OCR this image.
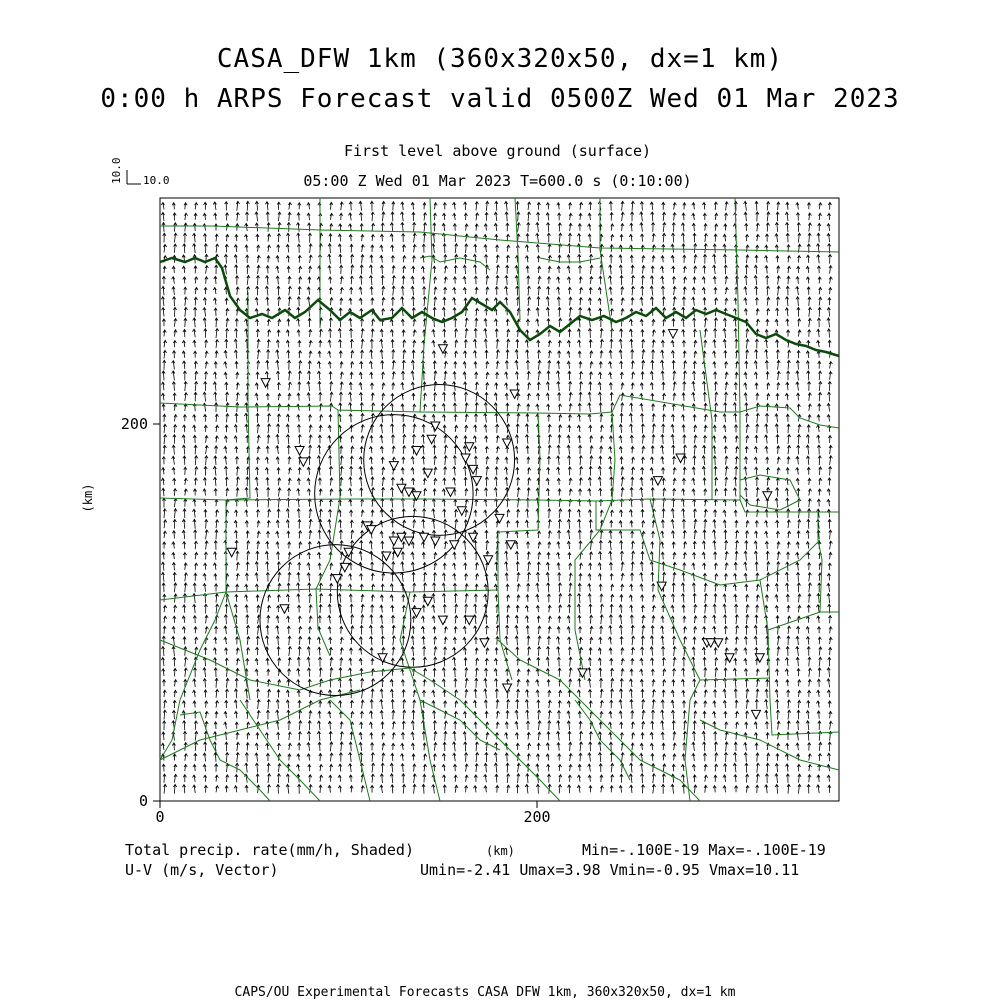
CASA_DFW 1km (360x320x50, dx=1 km)
0:00 h ARPS Forecast valid 0500Z Wed 01 Mar 2023
First level above ground (surface)
05:00 Z Wed 01 Mar 2023 T=600.0 s (0:10:00)
10.0 10.0
0	200
0
200
(km)
Total precip. rate(mm/h, Shaded)
U-V (m/s, Vector)
(km)	Min=-.100E-19 Max=-.100E-19
Umin=-2.41 Umax=3.98 Vmin=-0.95 Vmax=10.11
CAPS/OU Experimental Forecasts CASA DFW 1km, 360x320x50, dx=1 km
